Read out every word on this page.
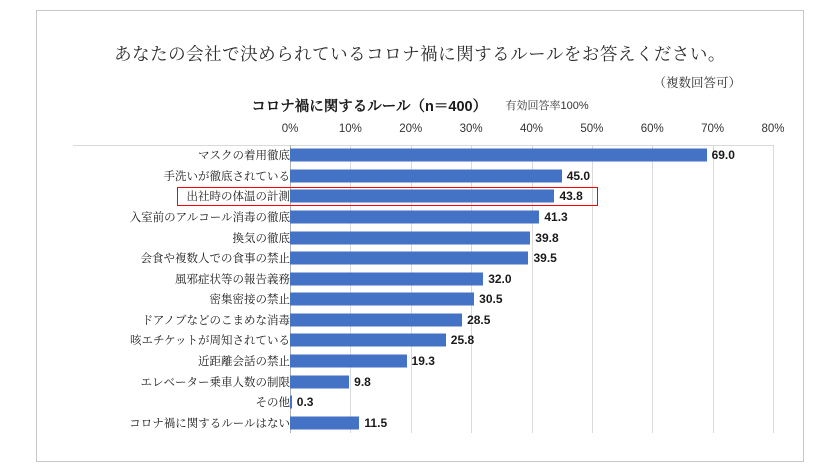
あなたの会社で決められているコロナ禍に関するルールをお答えください。
（複数回答可）
コロナ禍に関するルール（n＝400） 有効回答率100%
0%	10%	20%	30%	40%	50%	60%	70%	80%
マスクの着用徹底	69.0
手洗いが徹底されている	45.0
出社時の体温の計測	43.8
入室前のアルコール消毒の徹底	41.3
換気の徹底	39.8
会食や複数人での食事の禁止	39.5
風邪症状等の報告義務	32.0
密集密接の禁止	30.5
ドアノブなどのこまめな消毒	28.5
咳エチケットが周知されている	25.8
近距離会話の禁止	19.3
エレベーター乗車人数の制限	9.8
その他 0.3
コロナ禍に関するルールはない	11.5
